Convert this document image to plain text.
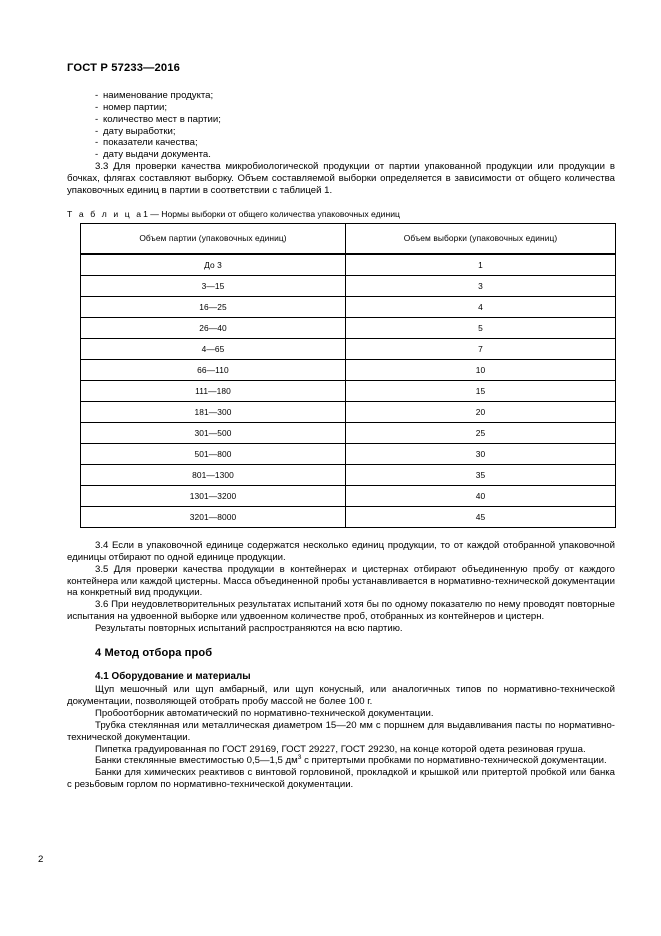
ГОСТ Р 57233—2016
- наименование продукта;
- номер партии;
- количество мест в партии;
- дату выработки;
- показатели качества;
- дату выдачи документа.

3.3 Для проверки качества микробиологической продукции от партии упакованной продукции или продукции в бочках, флягах составляют выборку. Объем составляемой выборки определяется в зависимости от общего количества упаковочных единиц в партии в соответствии с таблицей 1.

Т а б л и ц а1 — Нормы выборки от общего количества упаковочных единиц

Объем партии (упаковочных единиц)	Объем выборки (упаковочных единиц)
До 3	1
3—15	3
16—25	4
26—40	5
4—65	7
66—110	10
111—180	15
181—300	20
301—500	25
501—800	30
801—1300	35
1301—3200	40
3201—8000	45

3.4 Если в упаковочной единице содержатся несколько единиц продукции, то от каждой отобранной упаковочной единицы отбирают по одной единице продукции.

3.5 Для проверки качества продукции в контейнерах и цистернах отбирают объединенную пробу от каждого контейнера или каждой цистерны. Масса объединенной пробы устанавливается в нормативно-технической документации на конкретный вид продукции.

3.6 При неудовлетворительных результатах испытаний хотя бы по одному показателю по нему проводят повторные испытания на удвоенной выборке или удвоенном количестве проб, отобранных из контейнеров и цистерн.

Результаты повторных испытаний распространяются на всю партию.

4 Метод отбора проб
4.1 Оборудование и материалы

Щуп мешочный или щуп амбарный, или щуп конусный, или аналогичных типов по нормативно-технической документации, позволяющей отобрать пробу массой не более 100 г.

Пробоотборник автоматический по нормативно-технической документации.

Трубка стеклянная или металлическая диаметром 15—20 мм с поршнем для выдавливания пасты по нормативно-технической документации.

Пипетка градуированная по ГОСТ 29169, ГОСТ 29227, ГОСТ 29230, на конце которой одета резиновая груша.

Банки стеклянные вместимостью 0,5—1,5 $дм^3$ с притертыми пробками по нормативно-технической документации.

Банки для химических реактивов с винтовой горловиной, прокладкой и крышкой или притертой пробкой или банка с резьбовым горлом по нормативно-технической документации.

2
